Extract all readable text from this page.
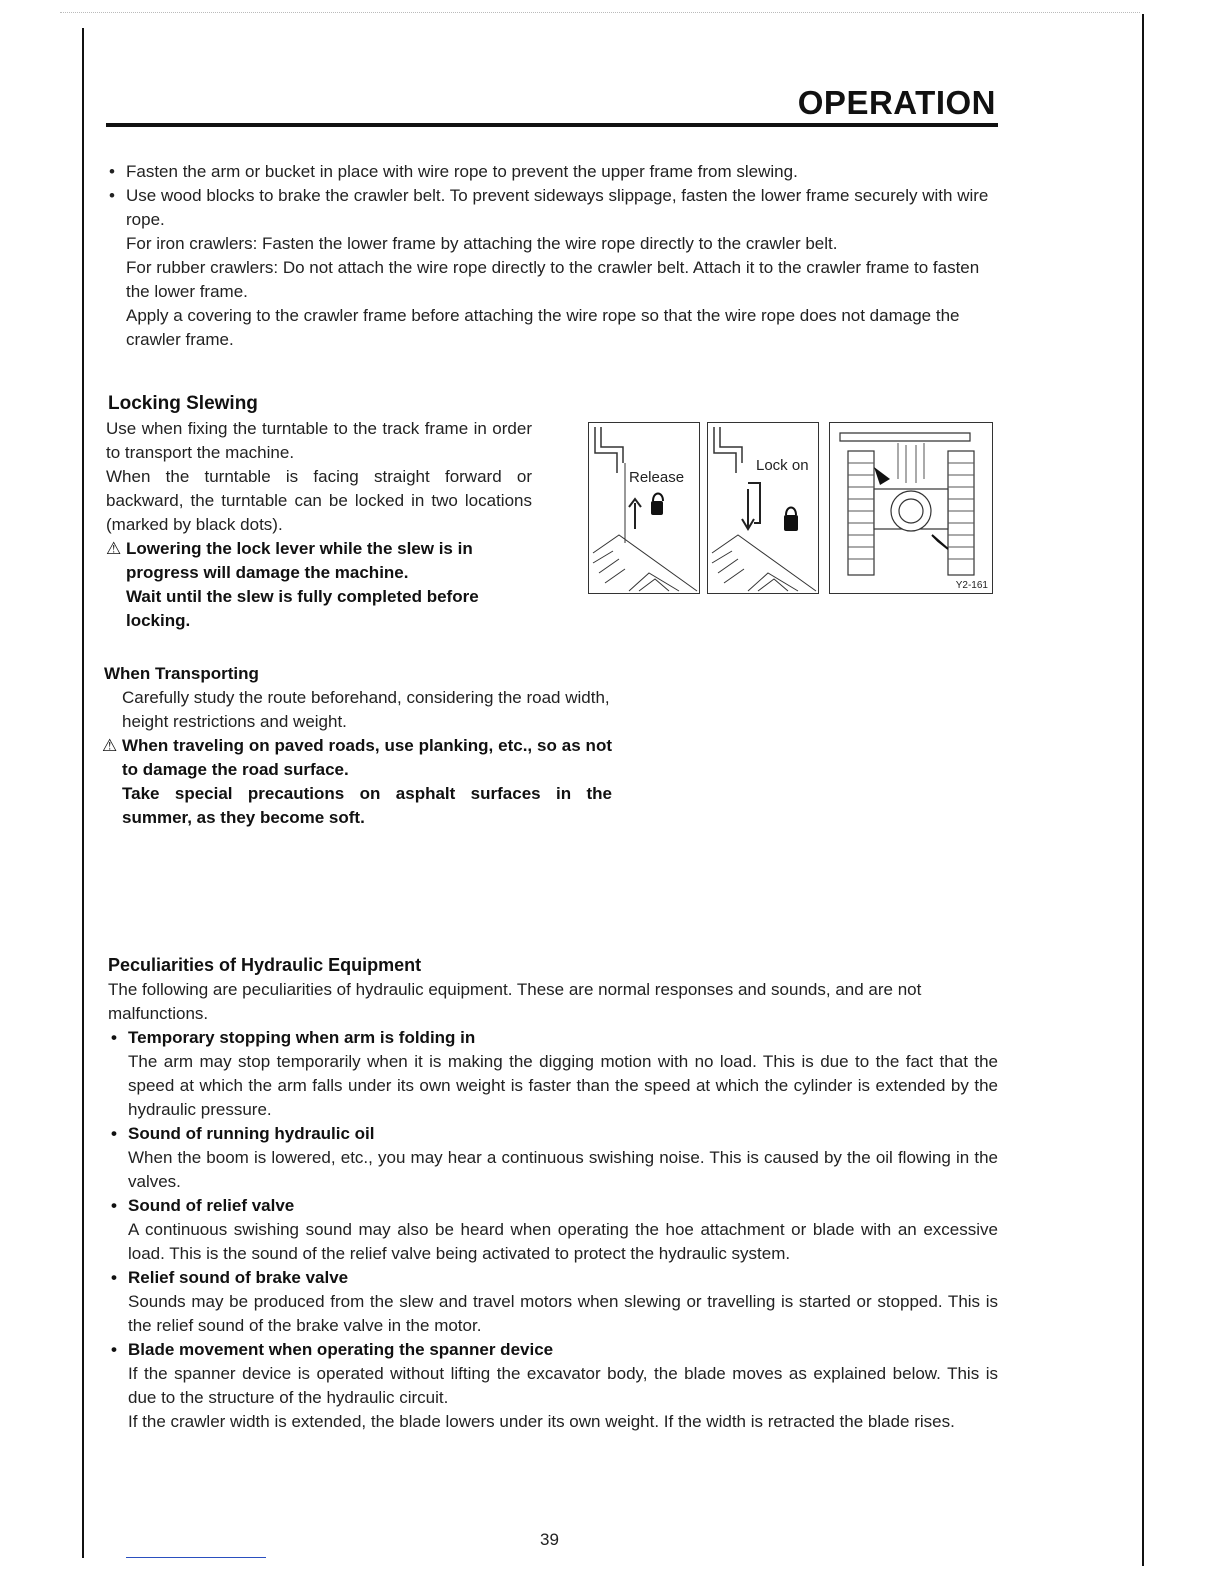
OPERATION
• Fasten the arm or bucket in place with wire rope to prevent the upper frame from slewing.
• Use wood blocks to brake the crawler belt. To prevent sideways slippage, fasten the lower frame securely with wire rope.
For iron crawlers: Fasten the lower frame by attaching the wire rope directly to the crawler belt.
For rubber crawlers: Do not attach the wire rope directly to the crawler belt. Attach it to the crawler frame to fasten the lower frame.
Apply a covering to the crawler frame before attaching the wire rope so that the wire rope does not damage the crawler frame.
Locking Slewing
Use when fixing the turntable to the track frame in order to transport the machine.
When the turntable is facing straight forward or backward, the turntable can be locked in two locations (marked by black dots).
⚠ Lowering the lock lever while the slew is in progress will damage the machine.
Wait until the slew is fully completed before locking.
Release
Lock on
Y2-161
When Transporting
Carefully study the route beforehand, considering the road width, height restrictions and weight.
⚠ When traveling on paved roads, use planking, etc., so as not to damage the road surface.
Take special precautions on asphalt surfaces in the summer, as they become soft.
Peculiarities of Hydraulic Equipment
The following are peculiarities of hydraulic equipment. These are normal responses and sounds, and are not malfunctions.
• Temporary stopping when arm is folding in
The arm may stop temporarily when it is making the digging motion with no load. This is due to the fact that the speed at which the arm falls under its own weight is faster than the speed at which the cylinder is extended by the hydraulic pressure.
• Sound of running hydraulic oil
When the boom is lowered, etc., you may hear a continuous swishing noise. This is caused by the oil flowing in the valves.
• Sound of relief valve
A continuous swishing sound may also be heard when operating the hoe attachment or blade with an excessive load. This is the sound of the relief valve being activated to protect the hydraulic system.
• Relief sound of brake valve
Sounds may be produced from the slew and travel motors when slewing or travelling is started or stopped. This is the relief sound of the brake valve in the motor.
• Blade movement when operating the spanner device
If the spanner device is operated without lifting the excavator body, the blade moves as explained below. This is due to the structure of the hydraulic circuit.
If the crawler width is extended, the blade lowers under its own weight. If the width is retracted the blade rises.
39
